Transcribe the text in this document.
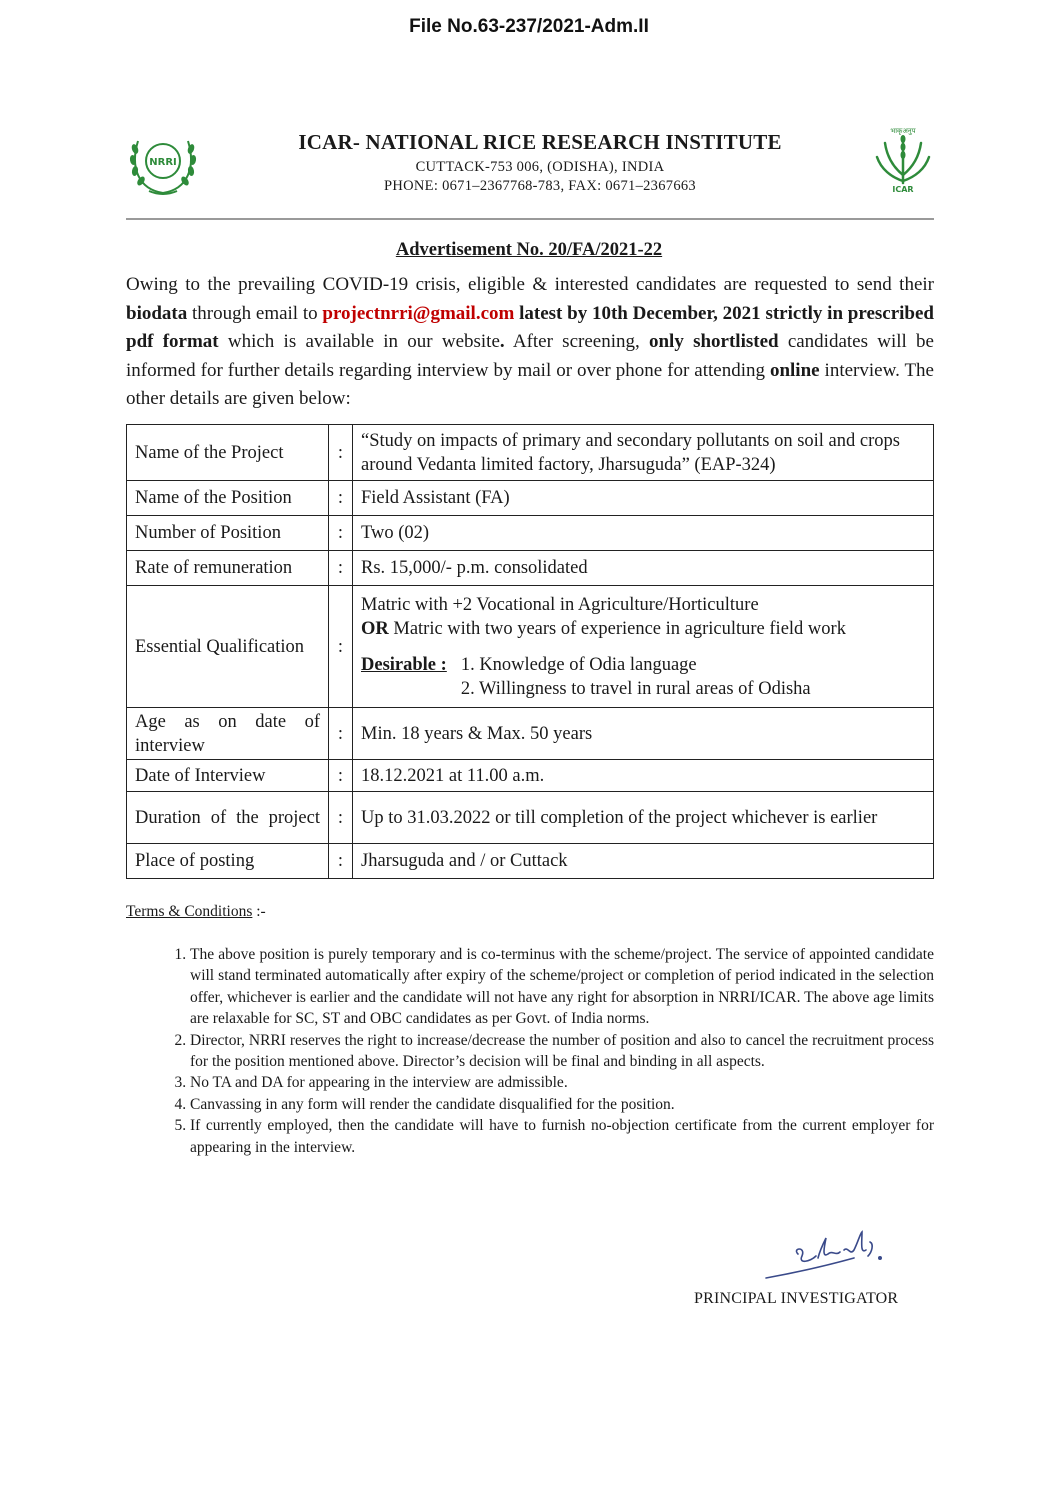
File No.63-237/2021-Adm.II
NRRI
भाकृअनुप
ICAR
ICAR- NATIONAL RICE RESEARCH INSTITUTE
CUTTACK-753 006, (ODISHA), INDIA
PHONE: 0671–2367768-783, FAX: 0671–2367663
Advertisement No. 20/FA/2021-22
Owing to the prevailing COVID-19 crisis, eligible & interested candidates are requested to send their biodata through email to projectnrri@gmail.com latest by 10th December, 2021 strictly in prescribed pdf format which is available in our website. After screening, only shortlisted candidates will be informed for further details regarding interview by mail or over phone for attending online interview. The other details are given below:
Name of the Project	:	“Study on impacts of primary and secondary pollutants on soil and crops around Vedanta limited factory, Jharsuguda” (EAP-324)
Name of the Position	:	Field Assistant (FA)
Number of Position	:	Two (02)
Rate of remuneration	:	Rs. 15,000/- p.m. consolidated
Essential Qualification	:	Matric with +2 Vocational in Agriculture/Horticulture
OR Matric with two years of experience in agriculture field work
Desirable : 1. Knowledge of Odia language
2. Willingness to travel in rural areas of Odisha

Age as on date of interview	:	Min. 18 years & Max. 50 years
Date of Interview	:	18.12.2021 at 11.00 a.m.
Duration of the project	:	Up to 31.03.2022 or till completion of the project whichever is earlier
Place of posting	:	Jharsuguda and / or Cuttack
Terms & Conditions :-
1. The above position is purely temporary and is co-terminus with the scheme/project. The service of appointed candidate will stand terminated automatically after expiry of the scheme/project or completion of period indicated in the selection offer, whichever is earlier and the candidate will not have any right for absorption in NRRI/ICAR. The above age limits are relaxable for SC, ST and OBC candidates as per Govt. of India norms.
2. Director, NRRI reserves the right to increase/decrease the number of position and also to cancel the recruitment process for the position mentioned above. Director’s decision will be final and binding in all aspects.
3. No TA and DA for appearing in the interview are admissible.
4. Canvassing in any form will render the candidate disqualified for the position.
5. If currently employed, then the candidate will have to furnish no-objection certificate from the current employer for appearing in the interview.
PRINCIPAL INVESTIGATOR
